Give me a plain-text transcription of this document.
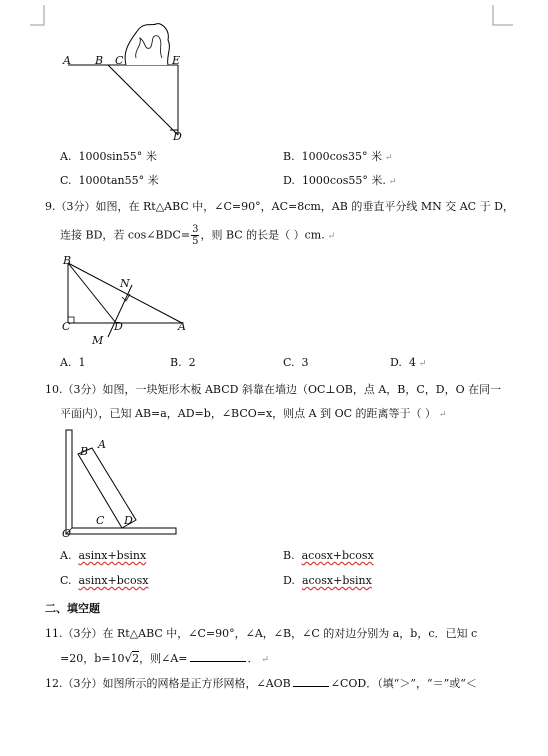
A B C	E
D
A. 1000sin55° 米	B. 1000cos35° 米 ↵
C. 1000tan55° 米	D. 1000cos55° 米. ↵
9.（3分）如图，在 Rt△ABC 中，∠C=90°，AC=8cm，AB 的垂直平分线 MN 交 AC 于 D，
连接 BD，若 cos∠BDC= $\frac{3}{5}$ ，则 BC 的长是（ ）cm. ↵
B
N
C	D	A
M
A. 1	B. 2	C. 3	D. 4 ↵
10.（3分）如图，一块矩形木板 ABCD 斜靠在墙边（OC⊥OB，点 A，B，C，D，O 在同一
平面内），已知 AB=a，AD=b，∠BCO=x，则点 A 到 OC 的距离等于（ ） ↵
B
A
O
C D
A. asinx+bsinx	B. acosx+bcosx
C. asinx+bcosx	D. acosx+bsinx
二、填空题
11.（3分）在 Rt△ABC 中，∠C=90°，∠A，∠B，∠C 的对边分别为 a，b，c．已知 c
=20，b=10√2，则∠A=	． ↵
12.（3分）如图所示的网格是正方形网格，∠AOB	∠COD．（填“＞”，“＝”或“＜
